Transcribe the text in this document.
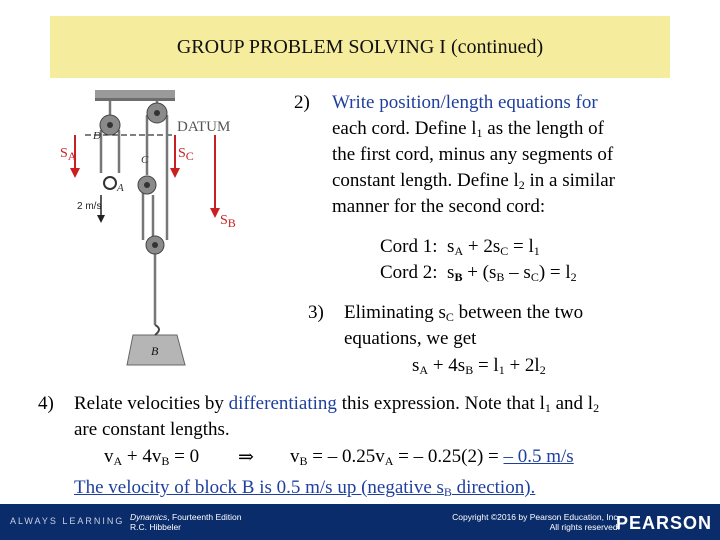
GROUP PROBLEM SOLVING I (continued)
DATUM
D
C
A
B
2 m/s
$S_A$	$S_C$
$S_B$
2) Write position/length equations for
each cord. Define $l_1$ as the length of
the first cord, minus any segments of
constant length. Define $l_2$ in a similar
manner for the second cord:
Cord 1:  $s_A + 2s_C = l_1$
Cord 2:  $s_B + (s_B - s_C) = l_2$
3) Eliminating $s_C$ between the two
equations, we get
$s_A + 4s_B = l_1 + 2l_2$
4) Relate velocities by differentiating this expression. Note that $l_1$ and $l_2$
are constant lengths.
$v_A + 4v_B = 0$ ⇒ $v_B$ = – $0.25v_A$ = – 0.25(2) = – 0.5 m/s
The velocity of block B is 0.5 m/s up (negative $s_B$ direction).
ALWAYS LEARNING Dynamics, Fourteenth Edition
R.C. Hibbeler
Copyright ©2016 by Pearson Education, Inc.
All rights reserved.
PEARSON
